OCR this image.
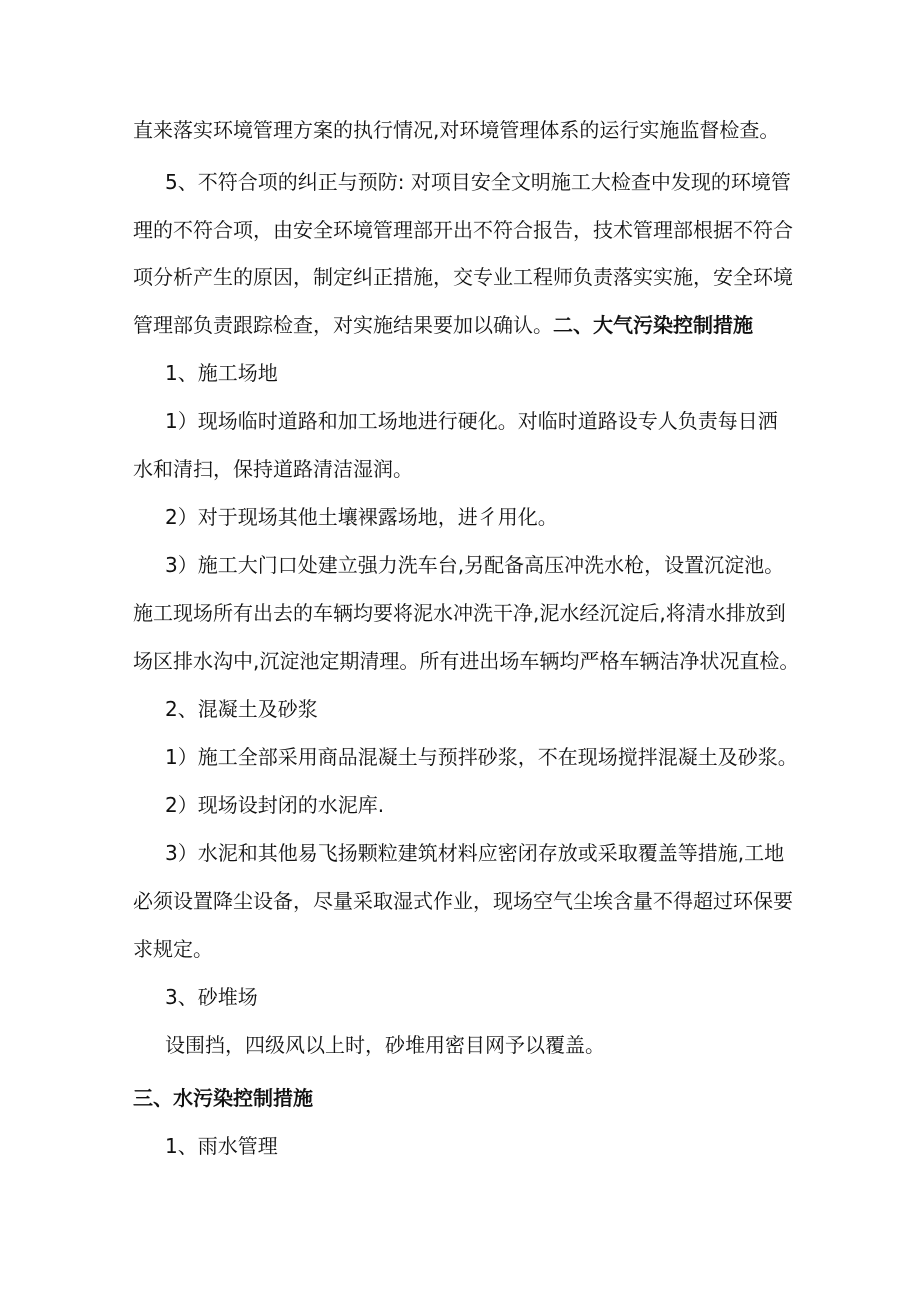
直来落实环境管理方案的执行情况,对环境管理体系的运行实施监督检查。
5、不符合项的纠正与预防: 对项目安全文明施工大检查中发现的环境管
理的不符合项，由安全环境管理部开出不符合报告，技术管理部根据不符合
项分析产生的原因，制定纠正措施，交专业工程师负责落实实施，安全环境
管理部负责跟踪检查，对实施结果要加以确认。二、大气污染控制措施
1、施工场地
1）现场临时道路和加工场地进行硬化。对临时道路设专人负责每日洒
水和清扫，保持道路清洁湿润。
2）对于现场其他土壤裸露场地，进彳用化。
3）施工大门口处建立强力洗车台,另配备高压冲洗水枪，设置沉淀池。
施工现场所有出去的车辆均要将泥水冲洗干净,泥水经沉淀后,将清水排放到
场区排水沟中,沉淀池定期清理。所有进出场车辆均严格车辆洁净状况直检。
2、混凝土及砂浆
1）施工全部采用商品混凝土与预拌砂浆，不在现场搅拌混凝土及砂浆。
2）现场设封闭的水泥库.
3）水泥和其他易飞扬颗粒建筑材料应密闭存放或采取覆盖等措施,工地
必须设置降尘设备，尽量采取湿式作业，现场空气尘埃含量不得超过环保要
求规定。
3、砂堆场
设围挡，四级风以上时，砂堆用密目网予以覆盖。
三、水污染控制措施
1、雨水管理
